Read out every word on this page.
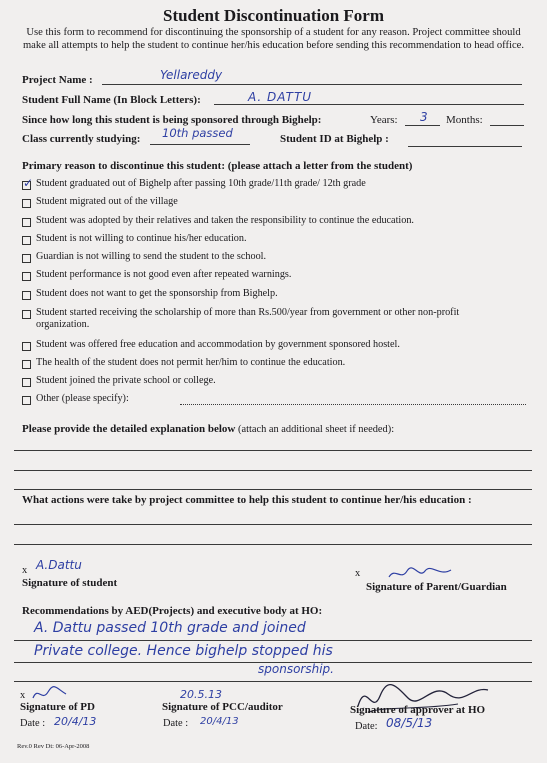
Student Discontinuation Form
Use this form to recommend for discontinuing the sponsorship of a student for any reason. Project committee should make all attempts to help the student to continue her/his education before sending this recommendation to head office.
Project Name :	Yellareddy
Student Full Name (In Block Letters):	A. DATTU
Since how long this student is being sponsored through Bighelp:	Years: 3 Months:
Class currently studying: 10th passed	Student ID at Bighelp :
Primary reason to discontinue this student: (please attach a letter from the student)
✓ Student graduated out of Bighelp after passing 10th grade/11th grade/ 12th grade
Student migrated out of the village
Student was adopted by their relatives and taken the responsibility to continue the education.
Student is not willing to continue his/her education.
Guardian is not willing to send the student to the school.
Student performance is not good even after repeated warnings.
Student does not want to get the sponsorship from Bighelp.
Student started receiving the scholarship of more than Rs.500/year from government or other non-profit organization.
Student was offered free education and accommodation by government sponsored hostel.
The health of the student does not permit her/him to continue the education.
Student joined the private school or college.
Other (please specify):
Please provide the detailed explanation below (attach an additional sheet if needed):
What actions were take by project committee to help this student to continue her/his education :
x A.Dattu
Signature of student
x
Signature of Parent/Guardian
Recommendations by AED(Projects) and executive body at HO:
A. Dattu passed 10th grade and joined
Private college. Hence bighelp stopped his
sponsorship.
x
Signature of PD
Date : 20/4/13
20.5.13
Signature of PCC/auditor
Date : 20/4/13
Signature of approver at HO
Date: 08/5/13
Rev.0 Rev Dt: 06-Apr-2008
